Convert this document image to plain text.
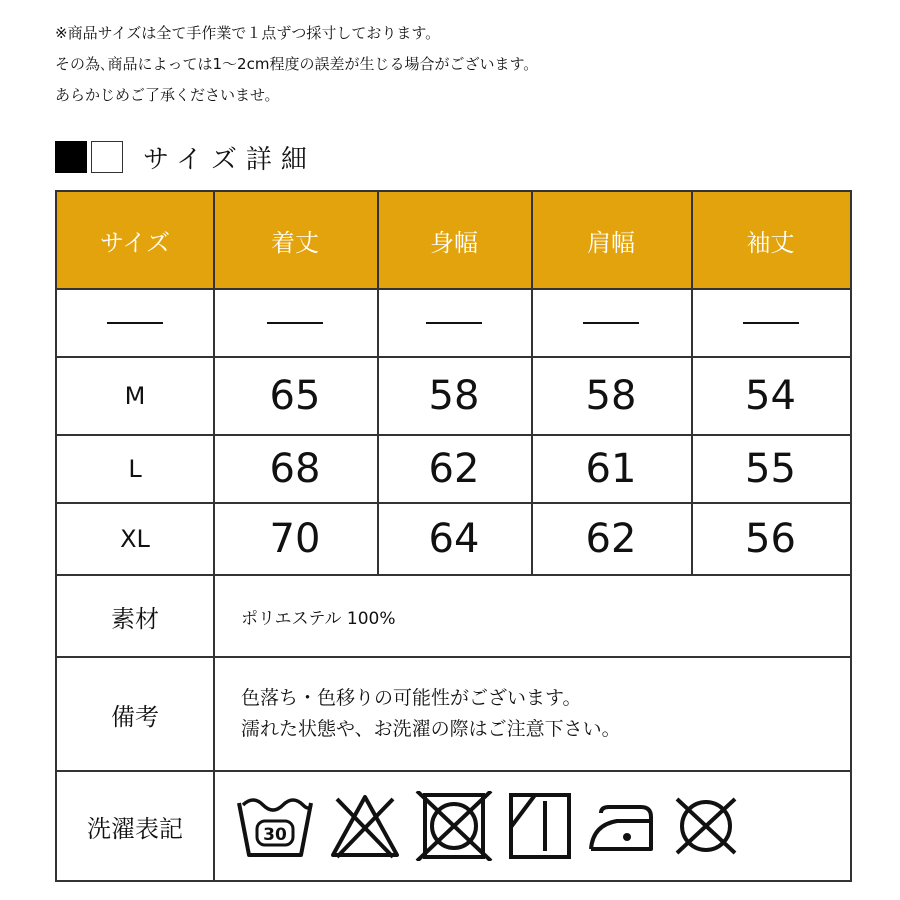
※商品サイズは全て手作業で１点ずつ採寸しております。
その為､商品によっては1～2cm程度の誤差が生じる場合がございます。
あらかじめご了承くださいませ。
サイズ詳細
サイズ	着丈	身幅	肩幅	袖丈
M	65	58	58	54
L	68	62	61	55
XL	70	64	62	56
素材	ポリエステル 100%
備考
色落ち・色移りの可能性がございます。
濡れた状態や、お洗濯の際はご注意下さい。
洗濯表記	30
